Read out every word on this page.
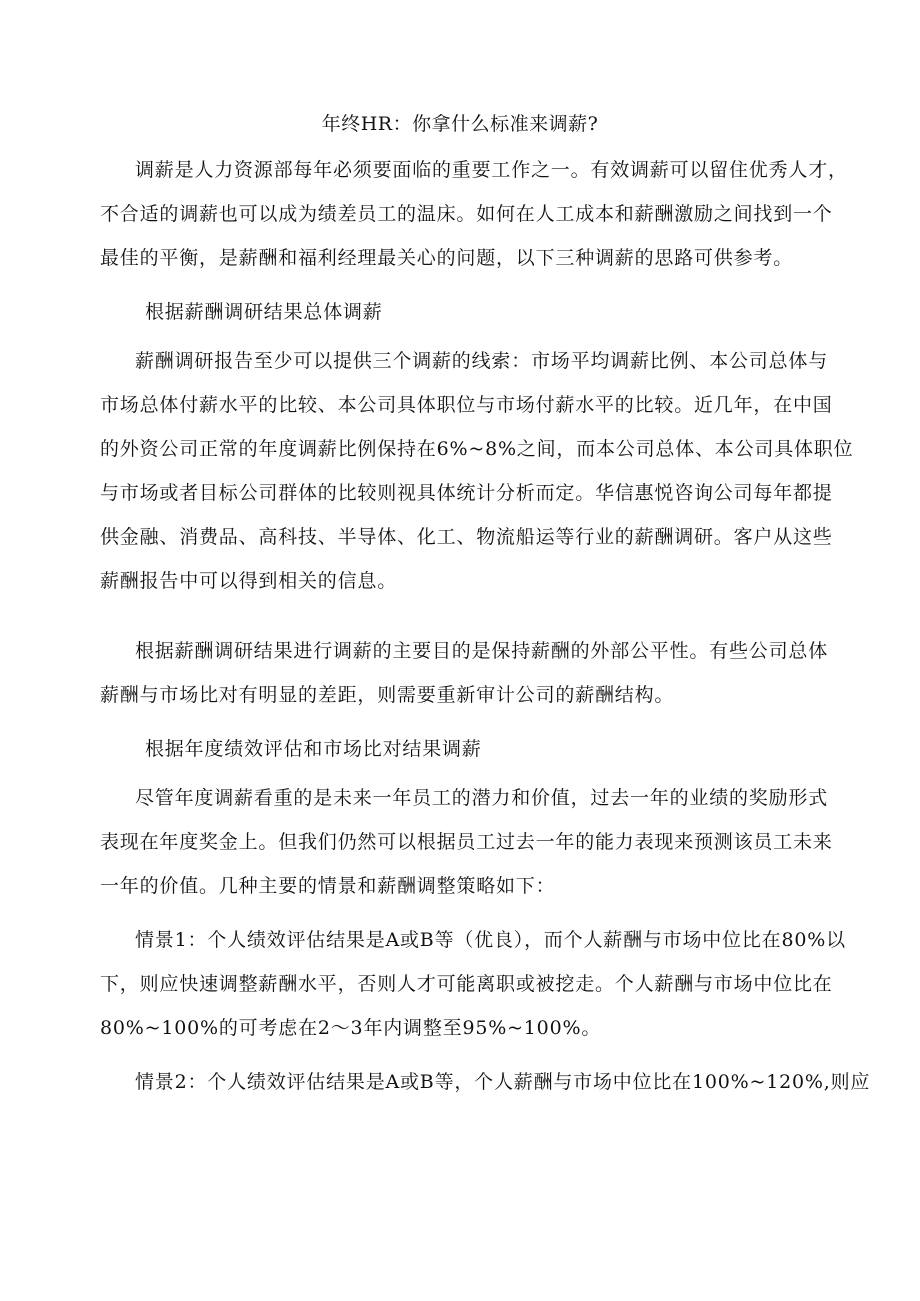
年终HR：你拿什么标准来调薪?
调薪是人力资源部每年必须要面临的重要工作之一。有效调薪可以留住优秀人才，
不合适的调薪也可以成为绩差员工的温床。如何在人工成本和薪酬激励之间找到一个
最佳的平衡，是薪酬和福利经理最关心的问题，以下三种调薪的思路可供参考。
根据薪酬调研结果总体调薪
薪酬调研报告至少可以提供三个调薪的线索：市场平均调薪比例、本公司总体与
市场总体付薪水平的比较、本公司具体职位与市场付薪水平的比较。近几年，在中国
的外资公司正常的年度调薪比例保持在6%~8%之间，而本公司总体、本公司具体职位
与市场或者目标公司群体的比较则视具体统计分析而定。华信惠悦咨询公司每年都提
供金融、消费品、高科技、半导体、化工、物流船运等行业的薪酬调研。客户从这些
薪酬报告中可以得到相关的信息。
根据薪酬调研结果进行调薪的主要目的是保持薪酬的外部公平性。有些公司总体
薪酬与市场比对有明显的差距，则需要重新审计公司的薪酬结构。
根据年度绩效评估和市场比对结果调薪
尽管年度调薪看重的是未来一年员工的潜力和价值，过去一年的业绩的奖励形式
表现在年度奖金上。但我们仍然可以根据员工过去一年的能力表现来预测该员工未来
一年的价值。几种主要的情景和薪酬调整策略如下：
情景1：个人绩效评估结果是A或B等（优良），而个人薪酬与市场中位比在80%以
下，则应快速调整薪酬水平，否则人才可能离职或被挖走。个人薪酬与市场中位比在
80%~100%的可考虑在2～3年内调整至95%~100%。
情景2：个人绩效评估结果是A或B等，个人薪酬与市场中位比在100%~120%,则应
